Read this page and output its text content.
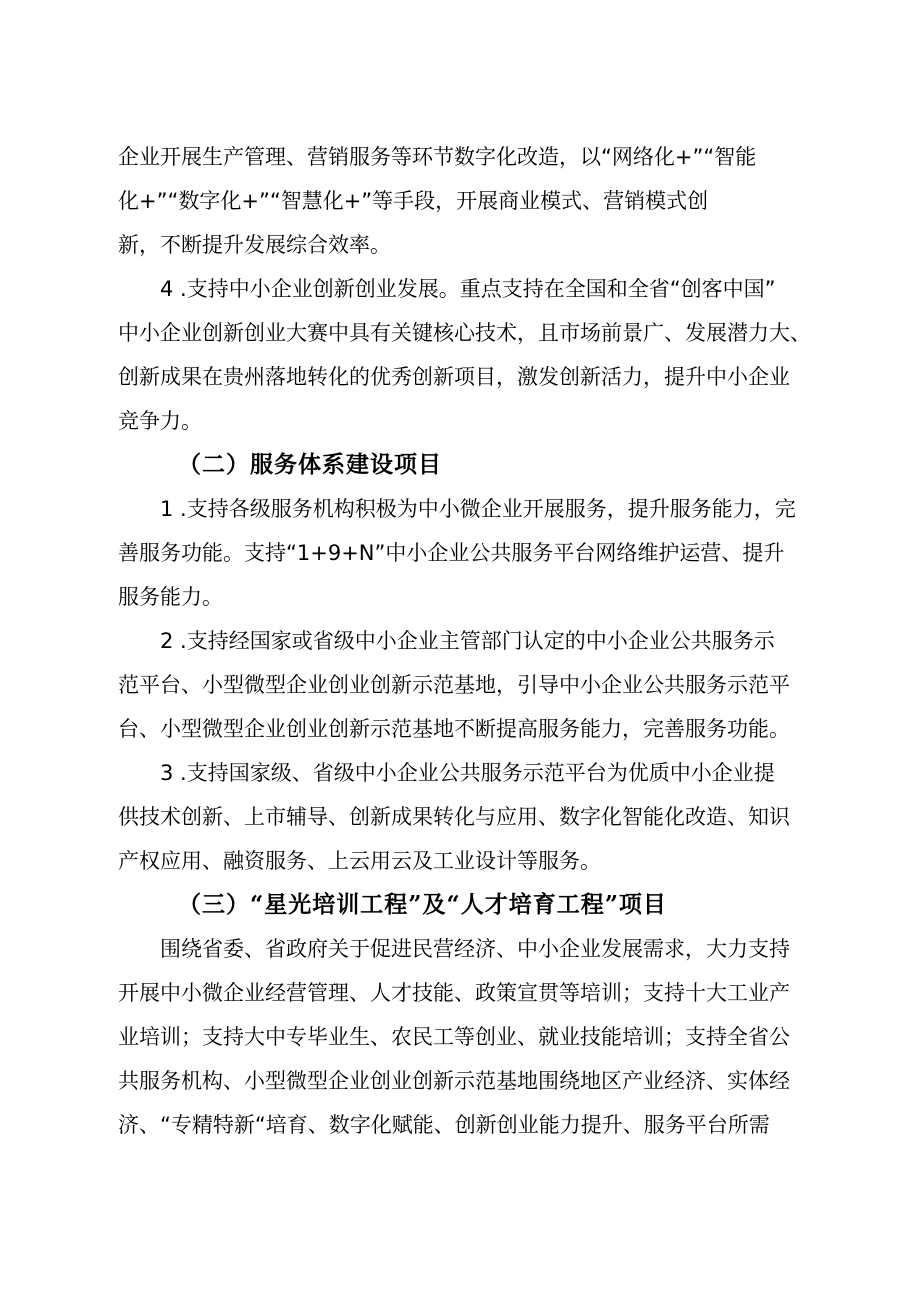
企业开展生产管理、营销服务等环节数字化改造，以“网络化+”“智能

化+”“数字化+”“智慧化+”等手段，开展商业模式、营销模式创

新，不断提升发展综合效率。

4 .支持中小企业创新创业发展。重点支持在全国和全省“创客中国”

中小企业创新创业大赛中具有关键核心技术，且市场前景广、发展潜力大、

创新成果在贵州落地转化的优秀创新项目，激发创新活力，提升中小企业

竞争力。

（二）服务体系建设项目

1 .支持各级服务机构积极为中小微企业开展服务，提升服务能力，完

善服务功能。支持“1+9+N”中小企业公共服务平台网络维护运营、提升

服务能力。

2 .支持经国家或省级中小企业主管部门认定的中小企业公共服务示

范平台、小型微型企业创业创新示范基地，引导中小企业公共服务示范平

台、小型微型企业创业创新示范基地不断提高服务能力，完善服务功能。

3 .支持国家级、省级中小企业公共服务示范平台为优质中小企业提

供技术创新、上市辅导、创新成果转化与应用、数字化智能化改造、知识

产权应用、融资服务、上云用云及工业设计等服务。

（三）“星光培训工程”及“人才培育工程”项目

围绕省委、省政府关于促进民营经济、中小企业发展需求，大力支持

开展中小微企业经营管理、人才技能、政策宣贯等培训；支持十大工业产

业培训；支持大中专毕业生、农民工等创业、就业技能培训；支持全省公

共服务机构、小型微型企业创业创新示范基地围绕地区产业经济、实体经

济、“专精特新“培育、数字化赋能、创新创业能力提升、服务平台所需
